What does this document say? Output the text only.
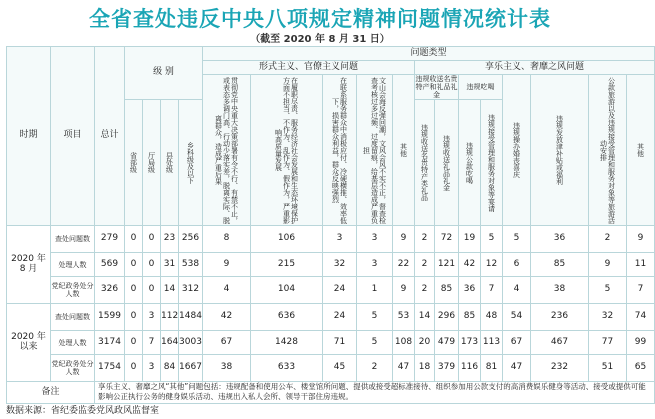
全省查处违反中央八项规定精神问题情况统计表
（截至 2020 年 8 月 31 日）
时期	项目	总计	级 别				问题类型												
							形式主义、官僚主义问题					享乐主义、奢靡之风问题							

							贯彻党中央重大决策部署有令不行、有禁不止，或表态多调门高、行动少落实差，脱离实际、脱离群众，造成严重后果	在履职尽责、服务经济社会发展和生态环境保护方面不担当、不作为、乱作为、假作为，严重影响高质量发展	在联系服务群众中消极应付、冷硬横推、效率低下，损害群众利益，群众反映强烈	文山会海反弹回潮，文风会风不实不正，督查检查考核过多过频、过度留痕，给基层造成严重负担	其他	违规收送名贵特产和礼品礼金		违规吃喝		违规操办婚丧喜庆	违规发放津补贴或福利	公款旅游以及违规接受管理和服务对象等旅游活动安排	其他

			省部级	厅局级	县处级	乡科级及以下						违规收送名贵特产类礼品	违规收送礼品礼金	违规公款吃喝	违规接受管理和服务对象等宴请				

2020 年 8 月	查处问题数	279	0	0	23	256	8	106	3	3	9	2	72	19	5	5	36	2	9

	处理人数	569	0	0	31	538	9	215	32	3	22	2	121	42	12	6	85	9	11

	党纪政务处分人数	326	0	0	14	312	4	104	24	1	9	2	85	36	7	4	38	5	7
2020 年以来	查处问题数	1599	0	3	112	1484	42	636	24	5	53	14	296	85	48	54	236	32	74

	处理人数	3174	0	7	164	3003	67	1428	71	5	108	20	479	173	113	67	467	77	99

	党纪政务处分人数	1754	0	3	84	1667	38	633	45	2	47	18	379	116	81	47	232	51	65
备注		享乐主义、奢靡之风“其他”问题包括：违规配备和使用公车、楼堂馆所问题、提供或接受超标准接待、组织参加用公款支付的高消费娱乐健身等活动、接受或提供可能影响公正执行公务的健身娱乐活动、违规出入私人会所、领导干部住房违规。																	
数据来源：省纪委监委党风政风监督室
